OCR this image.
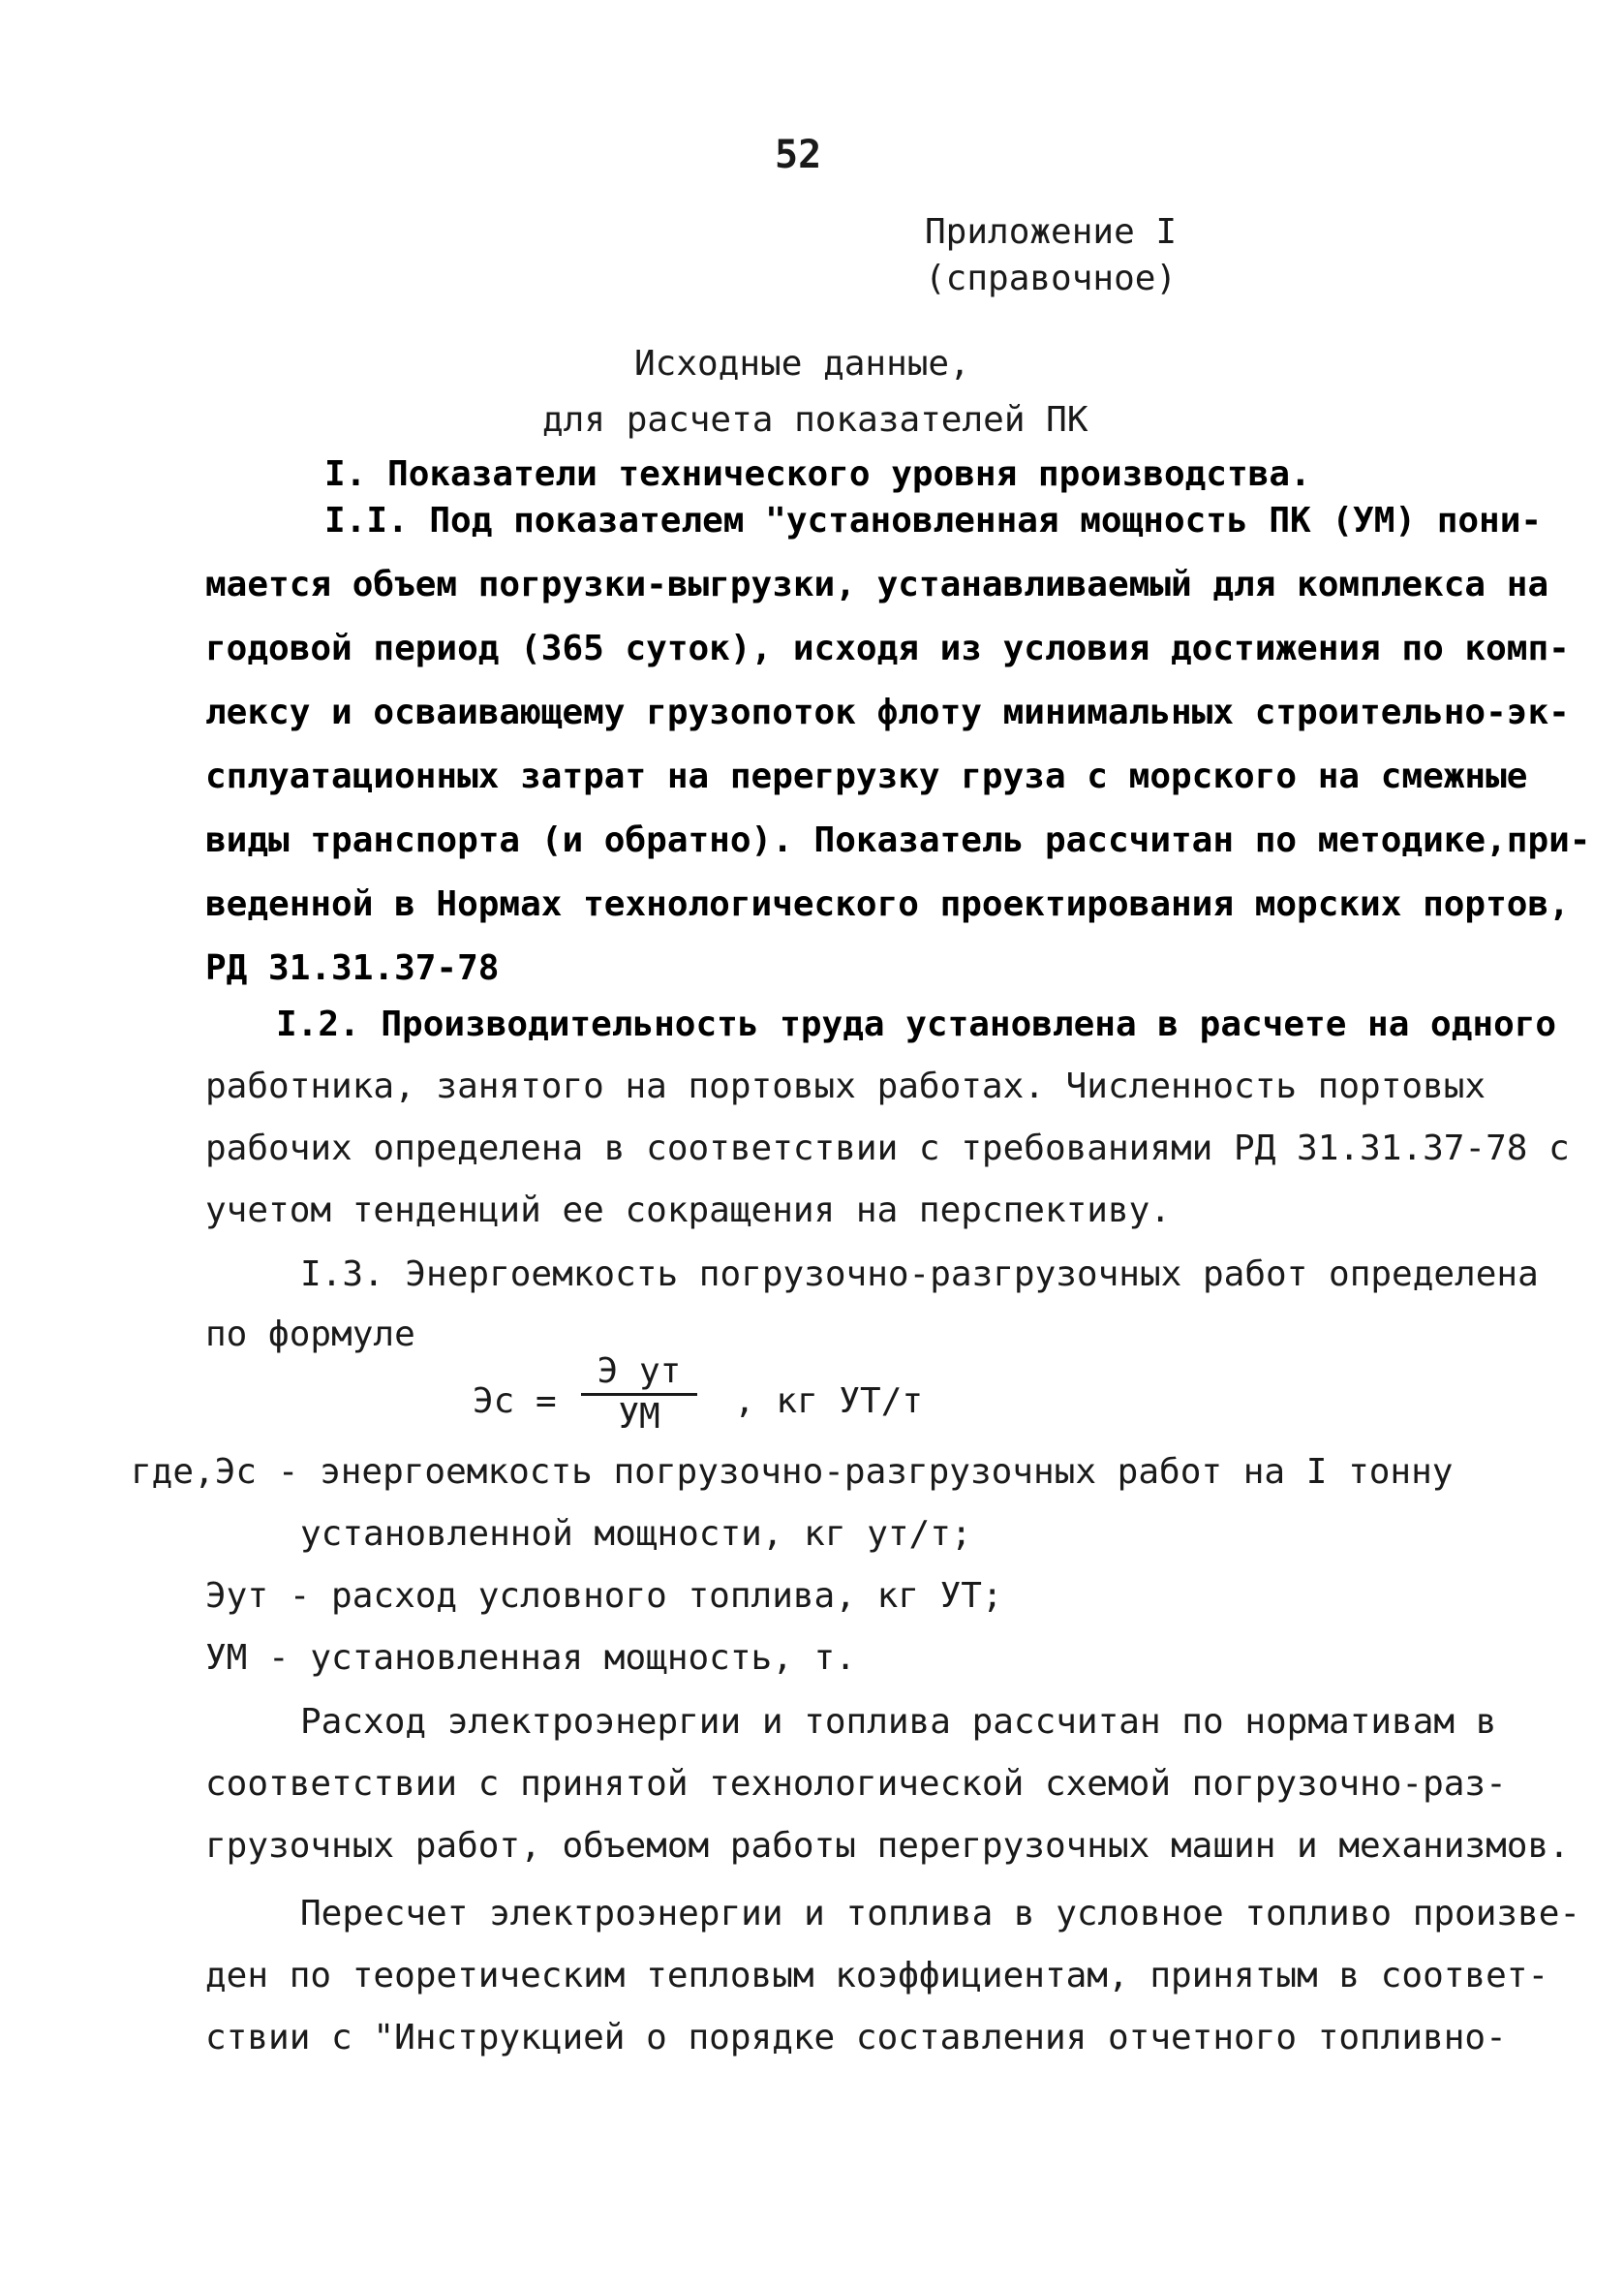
52
Приложение I
(справочное)
Исходные данные,
для расчета показателей ПК
I. Показатели технического уровня производства.
I.I. Под показателем "установленная мощность ПК (УМ) пони-
мается объем погрузки-выгрузки, устанавливаемый для комплекса на
годовой период (365 суток), исходя из условия достижения по комп-
лексу и осваивающему грузопоток флоту минимальных строительно-эк-
сплуатационных затрат на перегрузку груза с морского на смежные
виды транспорта (и обратно). Показатель рассчитан по методике,при-
веденной в Нормах технологического проектирования морских портов,
РД 31.31.37-78
I.2. Производительность труда установлена в расчете на одного
работника, занятого на портовых работах. Численность портовых
рабочих определена в соответствии с требованиями РД 31.31.37-78 с
учетом тенденций ее сокращения на перспективу.
I.3. Энергоемкость погрузочно-разгрузочных работ определена
по формуле
Эс =
Э ут
УМ	, кг УТ/т
где,Эс - энергоемкость погрузочно-разгрузочных работ на I тонну
установленной мощности, кг ут/т;
Эут - расход условного топлива, кг УТ;
УМ - установленная мощность, т.
Расход электроэнергии и топлива рассчитан по нормативам в
соответствии с принятой технологической схемой погрузочно-раз-
грузочных работ, объемом работы перегрузочных машин и механизмов.
Пересчет электроэнергии и топлива в условное топливо произве-
ден по теоретическим тепловым коэффициентам, принятым в соответ-
ствии с "Инструкцией о порядке составления отчетного топливно-
